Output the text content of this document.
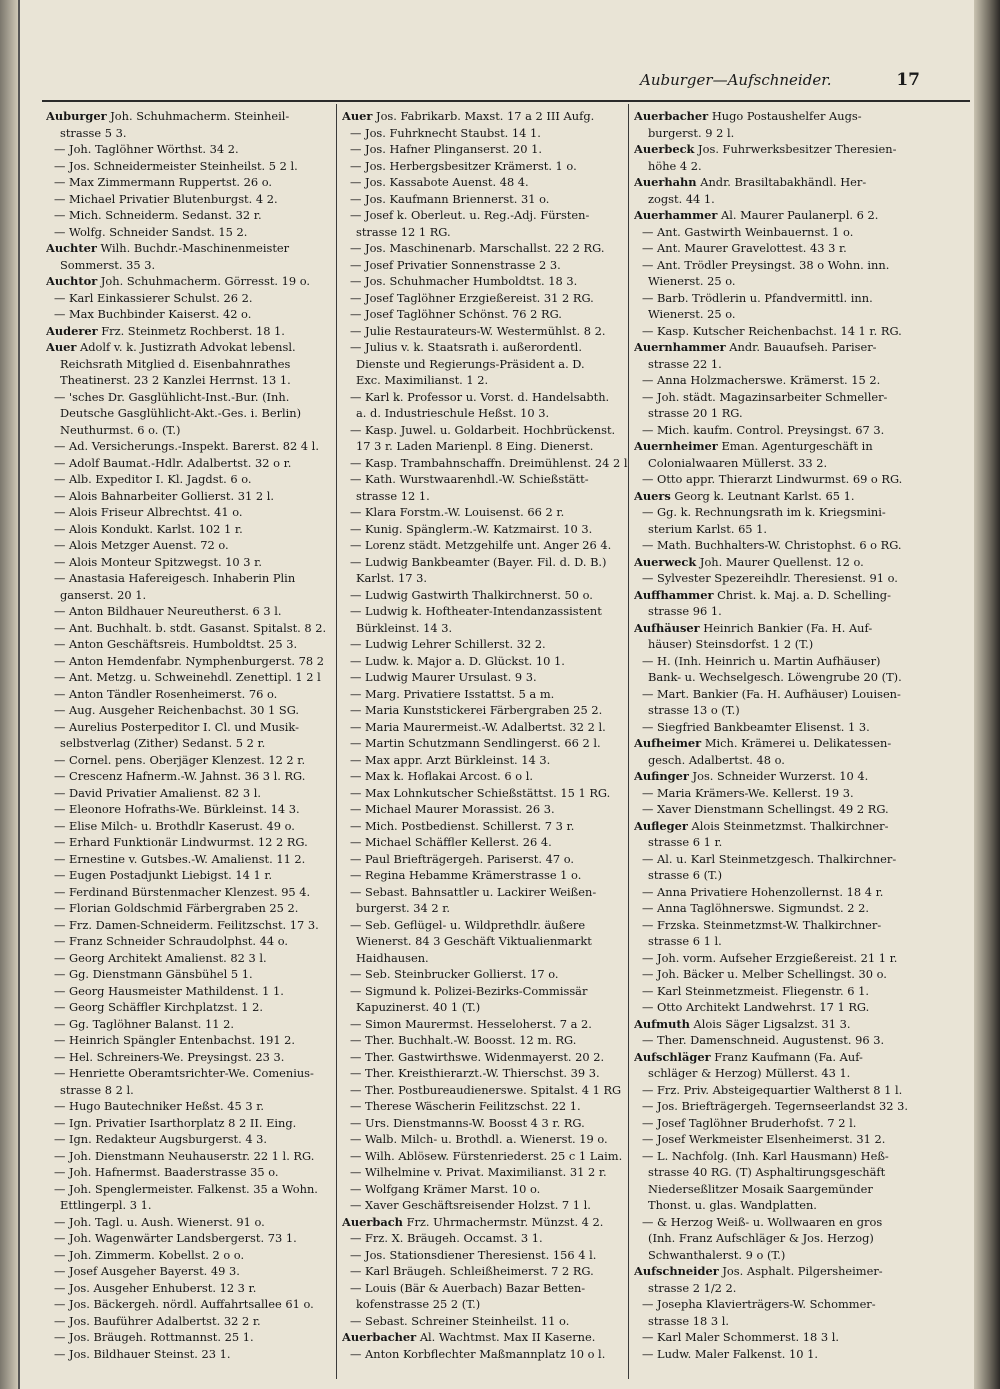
Auburger—Aufschneider.	17
Auburger Joh. Schuhmacherm. Steinheil-
strasse 5 3.
— Joh. Taglöhner Wörthst. 34 2.
— Jos. Schneidermeister Steinheilst. 5 2 l.
— Max Zimmermann Ruppertst. 26 o.
— Michael Privatier Blutenburgst. 4 2.
— Mich. Schneiderm. Sedanst. 32 r.
— Wolfg. Schneider Sandst. 15 2.
Auchter Wilh. Buchdr.-Maschinenmeister
Sommerst. 35 3.
Auchtor Joh. Schuhmacherm. Görresst. 19 o.
— Karl Einkassierer Schulst. 26 2.
— Max Buchbinder Kaiserst. 42 o.
Auderer Frz. Steinmetz Rochberst. 18 1.
Auer Adolf v. k. Justizrath Advokat lebensl.
Reichsrath Mitglied d. Eisenbahnrathes
Theatinerst. 23 2 Kanzlei Herrnst. 13 1.
— 'sches Dr. Gasglühlicht-Inst.-Bur. (Inh.
Deutsche Gasglühlicht-Akt.-Ges. i. Berlin)
Neuthurmst. 6 o. (T.)
— Ad. Versicherungs.-Inspekt. Barerst. 82 4 l.
— Adolf Baumat.-Hdlr. Adalbertst. 32 o r.
— Alb. Expeditor I. Kl. Jagdst. 6 o.
— Alois Bahnarbeiter Gollierst. 31 2 l.
— Alois Friseur Albrechtst. 41 o.
— Alois Kondukt. Karlst. 102 1 r.
— Alois Metzger Auenst. 72 o.
— Alois Monteur Spitzwegst. 10 3 r.
— Anastasia Hafereigesch. Inhaberin Plin
ganserst. 20 1.
— Anton Bildhauer Neureutherst. 6 3 l.
— Ant. Buchhalt. b. stdt. Gasanst. Spitalst. 8 2.
— Anton Geschäftsreis. Humboldtst. 25 3.
— Anton Hemdenfabr. Nymphenburgerst. 78 2
— Ant. Metzg. u. Schweinehdl. Zenettipl. 1 2 l
— Anton Tändler Rosenheimerst. 76 o.
— Aug. Ausgeher Reichenbachst. 30 1 SG.
— Aurelius Posterpeditor I. Cl. und Musik-
selbstverlag (Zither) Sedanst. 5 2 r.
— Cornel. pens. Oberjäger Klenzest. 12 2 r.
— Crescenz Hafnerm.-W. Jahnst. 36 3 l. RG.
— David Privatier Amalienst. 82 3 l.
— Eleonore Hofraths-We. Bürkleinst. 14 3.
— Elise Milch- u. Brothdlr Kaserust. 49 o.
— Erhard Funktionär Lindwurmst. 12 2 RG.
— Ernestine v. Gutsbes.-W. Amalienst. 11 2.
— Eugen Postadjunkt Liebigst. 14 1 r.
— Ferdinand Bürstenmacher Klenzest. 95 4.
— Florian Goldschmid Färbergraben 25 2.
— Frz. Damen-Schneiderm. Feilitzschst. 17 3.
— Franz Schneider Schraudolphst. 44 o.
— Georg Architekt Amalienst. 82 3 l.
— Gg. Dienstmann Gänsbühel 5 1.
— Georg Hausmeister Mathildenst. 1 1.
— Georg Schäffler Kirchplatzst. 1 2.
— Gg. Taglöhner Balanst. 11 2.
— Heinrich Spängler Entenbachst. 191 2.
— Hel. Schreiners-We. Preysingst. 23 3.
— Henriette Oberamtsrichter-We. Comenius-
strasse 8 2 l.
— Hugo Bautechniker Heßst. 45 3 r.
— Ign. Privatier Isarthorplatz 8 2 II. Eing.
— Ign. Redakteur Augsburgerst. 4 3.
— Joh. Dienstmann Neuhauserstr. 22 1 l. RG.
— Joh. Hafnermst. Baaderstrasse 35 o.
— Joh. Spenglermeister. Falkenst. 35 a Wohn.
Ettlingerpl. 3 1.
— Joh. Tagl. u. Aush. Wienerst. 91 o.
— Joh. Wagenwärter Landsbergerst. 73 1.
— Joh. Zimmerm. Kobellst. 2 o o.
— Josef Ausgeher Bayerst. 49 3.
— Jos. Ausgeher Enhuberst. 12 3 r.
— Jos. Bäckergeh. nördl. Auffahrtsallee 61 o.
— Jos. Bauführer Adalbertst. 32 2 r.
— Jos. Bräugeh. Rottmannst. 25 1.
— Jos. Bildhauer Steinst. 23 1.
Auer Jos. Fabrikarb. Maxst. 17 a 2 III Aufg.
— Jos. Fuhrknecht Staubst. 14 1.
— Jos. Hafner Plinganserst. 20 1.
— Jos. Herbergsbesitzer Krämerst. 1 o.
— Jos. Kassabote Auenst. 48 4.
— Jos. Kaufmann Briennerst. 31 o.
— Josef k. Oberleut. u. Reg.-Adj. Fürsten-
strasse 12 1 RG.
— Jos. Maschinenarb. Marschallst. 22 2 RG.
— Josef Privatier Sonnenstrasse 2 3.
— Jos. Schuhmacher Humboldtst. 18 3.
— Josef Taglöhner Erzgießereist. 31 2 RG.
— Josef Taglöhner Schönst. 76 2 RG.
— Julie Restaurateurs-W. Westermühlst. 8 2.
— Julius v. k. Staatsrath i. außerordentl.
Dienste und Regierungs-Präsident a. D.
Exc. Maximilianst. 1 2.
— Karl k. Professor u. Vorst. d. Handelsabth.
a. d. Industrieschule Heßst. 10 3.
— Kasp. Juwel. u. Goldarbeit. Hochbrückenst.
17 3 r. Laden Marienpl. 8 Eing. Dienerst.
— Kasp. Trambahnschaffn. Dreimühlenst. 24 2 l
— Kath. Wurstwaarenhdl.-W. Schießstätt-
strasse 12 1.
— Klara Forstm.-W. Louisenst. 66 2 r.
— Kunig. Spänglerm.-W. Katzmairst. 10 3.
— Lorenz städt. Metzgehilfe unt. Anger 26 4.
— Ludwig Bankbeamter (Bayer. Fil. d. D. B.)
Karlst. 17 3.
— Ludwig Gastwirth Thalkirchnerst. 50 o.
— Ludwig k. Hoftheater-Intendanzassistent
Bürkleinst. 14 3.
— Ludwig Lehrer Schillerst. 32 2.
— Ludw. k. Major a. D. Glückst. 10 1.
— Ludwig Maurer Ursulast. 9 3.
— Marg. Privatiere Isstattst. 5 a m.
— Maria Kunststickerei Färbergraben 25 2.
— Maria Maurermeist.-W. Adalbertst. 32 2 l.
— Martin Schutzmann Sendlingerst. 66 2 l.
— Max appr. Arzt Bürkleinst. 14 3.
— Max k. Hoflakai Arcost. 6 o l.
— Max Lohnkutscher Schießstättst. 15 1 RG.
— Michael Maurer Morassist. 26 3.
— Mich. Postbedienst. Schillerst. 7 3 r.
— Michael Schäffler Kellerst. 26 4.
— Paul Briefträgergeh. Pariserst. 47 o.
— Regina Hebamme Krämerstrasse 1 o.
— Sebast. Bahnsattler u. Lackirer Weißen-
burgerst. 34 2 r.
— Seb. Geflügel- u. Wildprethdlr. äußere
Wienerst. 84 3 Geschäft Viktualienmarkt
Haidhausen.
— Seb. Steinbrucker Gollierst. 17 o.
— Sigmund k. Polizei-Bezirks-Commissär
Kapuzinerst. 40 1 (T.)
— Simon Maurermst. Hesseloherst. 7 a 2.
— Ther. Buchhalt.-W. Boosst. 12 m. RG.
— Ther. Gastwirthswe. Widenmayerst. 20 2.
— Ther. Kreisthierarzt.-W. Thierschst. 39 3.
— Ther. Postbureaudienerswe. Spitalst. 4 1 RG
— Therese Wäscherin Feilitzschst. 22 1.
— Urs. Dienstmanns-W. Boosst 4 3 r. RG.
— Walb. Milch- u. Brothdl. a. Wienerst. 19 o.
— Wilh. Ablösew. Fürstenriederst. 25 c 1 Laim.
— Wilhelmine v. Privat. Maximilianst. 31 2 r.
— Wolfgang Krämer Marst. 10 o.
— Xaver Geschäftsreisender Holzst. 7 1 l.
Auerbach Frz. Uhrmachermstr. Münzst. 4 2.
— Frz. X. Bräugeh. Occamst. 3 1.
— Jos. Stationsdiener Theresienst. 156 4 l.
— Karl Bräugeh. Schleißheimerst. 7 2 RG.
— Louis (Bär & Auerbach) Bazar Betten-
kofenstrasse 25 2 (T.)
— Sebast. Schreiner Steinheilst. 11 o.
Auerbacher Al. Wachtmst. Max II Kaserne.
— Anton Korbflechter Maßmannplatz 10 o l.
Auerbacher Hugo Postaushelfer Augs-
burgerst. 9 2 l.
Auerbeck Jos. Fuhrwerksbesitzer Theresien-
höhe 4 2.
Auerhahn Andr. Brasiltabakhändl. Her-
zogst. 44 1.
Auerhammer Al. Maurer Paulanerpl. 6 2.
— Ant. Gastwirth Weinbauernst. 1 o.
— Ant. Maurer Gravelottest. 43 3 r.
— Ant. Trödler Preysingst. 38 o Wohn. inn.
Wienerst. 25 o.
— Barb. Trödlerin u. Pfandvermittl. inn.
Wienerst. 25 o.
— Kasp. Kutscher Reichenbachst. 14 1 r. RG.
Auernhammer Andr. Bauaufseh. Pariser-
strasse 22 1.
— Anna Holzmacherswe. Krämerst. 15 2.
— Joh. städt. Magazinsarbeiter Schmeller-
strasse 20 1 RG.
— Mich. kaufm. Control. Preysingst. 67 3.
Auernheimer Eman. Agenturgeschäft in
Colonialwaaren Müllerst. 33 2.
— Otto appr. Thierarzt Lindwurmst. 69 o RG.
Auers Georg k. Leutnant Karlst. 65 1.
— Gg. k. Rechnungsrath im k. Kriegsmini-
sterium Karlst. 65 1.
— Math. Buchhalters-W. Christophst. 6 o RG.
Auerweck Joh. Maurer Quellenst. 12 o.
— Sylvester Spezereihdlr. Theresienst. 91 o.
Auffhammer Christ. k. Maj. a. D. Schelling-
strasse 96 1.
Aufhäuser Heinrich Bankier (Fa. H. Auf-
häuser) Steinsdorfst. 1 2 (T.)
— H. (Inh. Heinrich u. Martin Aufhäuser)
Bank- u. Wechselgesch. Löwengrube 20 (T).
— Mart. Bankier (Fa. H. Aufhäuser) Louisen-
strasse 13 o (T.)
— Siegfried Bankbeamter Elisenst. 1 3.
Aufheimer Mich. Krämerei u. Delikatessen-
gesch. Adalbertst. 48 o.
Aufinger Jos. Schneider Wurzerst. 10 4.
— Maria Krämers-We. Kellerst. 19 3.
— Xaver Dienstmann Schellingst. 49 2 RG.
Aufleger Alois Steinmetzmst. Thalkirchner-
strasse 6 1 r.
— Al. u. Karl Steinmetzgesch. Thalkirchner-
strasse 6 (T.)
— Anna Privatiere Hohenzollernst. 18 4 r.
— Anna Taglöhnerswe. Sigmundst. 2 2.
— Frzska. Steinmetzmst-W. Thalkirchner-
strasse 6 1 l.
— Joh. vorm. Aufseher Erzgießereist. 21 1 r.
— Joh. Bäcker u. Melber Schellingst. 30 o.
— Karl Steinmetzmeist. Fliegenstr. 6 1.
— Otto Architekt Landwehrst. 17 1 RG.
Aufmuth Alois Säger Ligsalzst. 31 3.
— Ther. Damenschneid. Augustenst. 96 3.
Aufschläger Franz Kaufmann (Fa. Auf-
schläger & Herzog) Müllerst. 43 1.
— Frz. Priv. Absteigequartier Waltherst 8 1 l.
— Jos. Briefträgergeh. Tegernseerlandst 32 3.
— Josef Taglöhner Bruderhofst. 7 2 l.
— Josef Werkmeister Elsenheimerst. 31 2.
— L. Nachfolg. (Inh. Karl Hausmann) Heß-
strasse 40 RG. (T) Asphaltirungsgeschäft
Niederseßlitzer Mosaik Saargemünder
Thonst. u. glas. Wandplatten.
— & Herzog Weiß- u. Wollwaaren en gros
(Inh. Franz Aufschläger & Jos. Herzog)
Schwanthalerst. 9 o (T.)
Aufschneider Jos. Asphalt. Pilgersheimer-
strasse 2 1/2 2.
— Josepha Klavierträgers-W. Schommer-
strasse 18 3 l.
— Karl Maler Schommerst. 18 3 l.
— Ludw. Maler Falkenst. 10 1.
